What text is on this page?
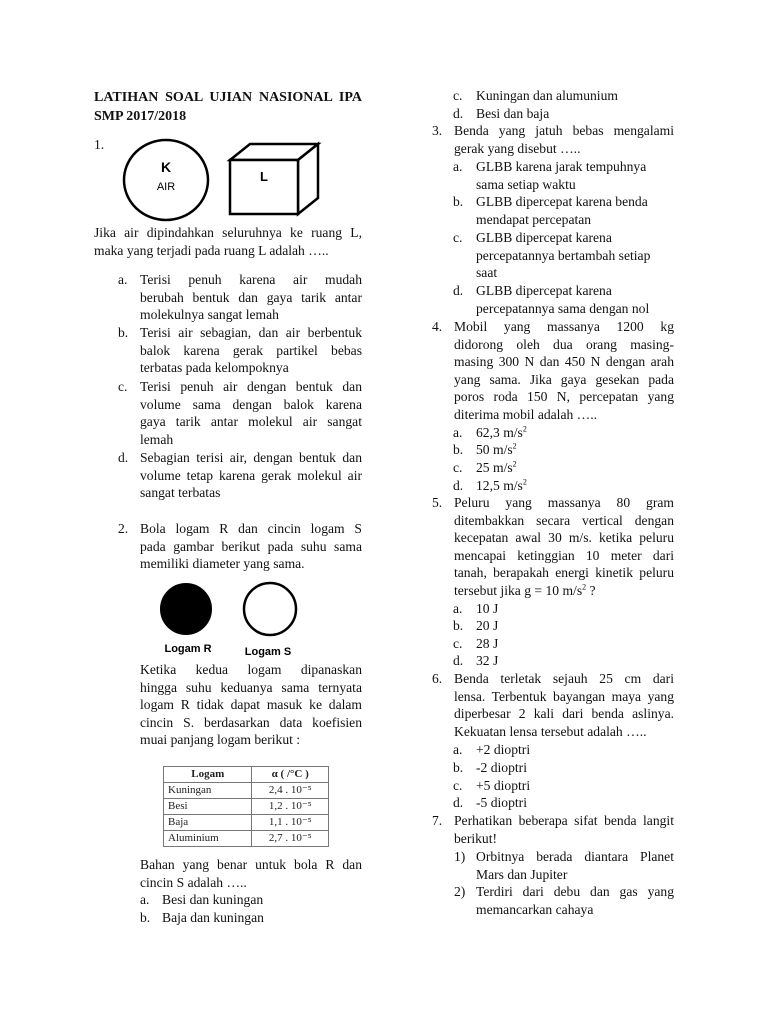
LATIHAN SOAL UJIAN NASIONAL IPA
SMP 2017/2018
1.
K
AIR
L
Jika air dipindahkan seluruhnya ke ruang L,
maka yang terjadi pada ruang L adalah …..
a. Terisi penuh karena air mudah
berubah bentuk dan gaya tarik antar
molekulnya sangat lemah
b. Terisi air sebagian, dan air berbentuk
balok karena gerak partikel bebas
terbatas pada kelompoknya
c. Terisi penuh air dengan bentuk dan
volume sama dengan balok karena
gaya tarik antar molekul air sangat
lemah
d. Sebagian terisi air, dengan bentuk dan
volume tetap karena gerak molekul air
sangat terbatas
2. Bola logam R dan cincin logam S
pada gambar berikut pada suhu sama
memiliki diameter yang sama.
Logam R	Logam S
Ketika kedua logam dipanaskan
hingga suhu keduanya sama ternyata
logam R tidak dapat masuk ke dalam
cincin S. berdasarkan data koefisien
muai panjang logam berikut :
Logam	α ( /°C )
Kuningan	2,4 . 10⁻⁵
Besi	1,2 . 10⁻⁵
Baja	1,1 . 10⁻⁵
Aluminium	2,7 . 10⁻⁵
Bahan yang benar untuk bola R dan
cincin S adalah …..
a. Besi dan kuningan
b. Baja dan kuningan
c. Kuningan dan alumunium
d. Besi dan baja
3. Benda yang jatuh bebas mengalami
gerak yang disebut …..
a. GLBB karena jarak tempuhnya
sama setiap waktu
b. GLBB dipercepat karena benda
mendapat percepatan
c. GLBB dipercepat karena
percepatannya bertambah setiap
saat
d. GLBB dipercepat karena
percepatannya sama dengan nol
4. Mobil yang massanya 1200 kg
didorong oleh dua orang masing-
masing 300 N dan 450 N dengan arah
yang sama. Jika gaya gesekan pada
poros roda 150 N, percepatan yang
diterima mobil adalah …..
a. 62,3 $m/s^2$
b. 50 $m/s^2$
c. 25 $m/s^2$
d. 12,5 $m/s^2$
5. Peluru yang massanya 80 gram
ditembakkan secara vertical dengan
kecepatan awal 30 m/s. ketika peluru
mencapai ketinggian 10 meter dari
tanah, berapakah energi kinetik peluru
tersebut jika g = 10 $m/s^2$ ?
a. 10 J
b. 20 J
c. 28 J
d. 32 J
6. Benda terletak sejauh 25 cm dari
lensa. Terbentuk bayangan maya yang
diperbesar 2 kali dari benda aslinya.
Kekuatan lensa tersebut adalah …..
a. +2 dioptri
b. -2 dioptri
c. +5 dioptri
d. -5 dioptri
7. Perhatikan beberapa sifat benda langit
berikut!
1) Orbitnya berada diantara Planet
Mars dan Jupiter
2) Terdiri dari debu dan gas yang
memancarkan cahaya
